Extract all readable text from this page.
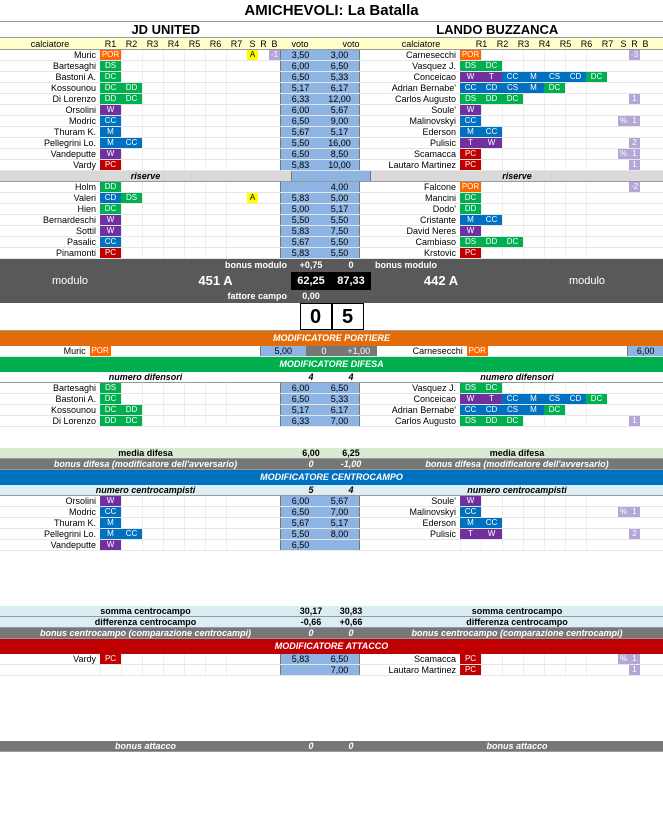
AMICHEVOLI: La Batalla
JD UNITED	LANDO BUZZANCA
calciatore	R1	R2	R3	R4	R5	R6	R7 S R B	voto	voto	calciatore	R1	R2	R3	R4	R5	R6	R7 S R B
Muric POR	A	-1	3,50	3,00	Carnesecchi POR	-3
Bartesaghi	DS	6,00	6,50	Vasquez J.	DS	DC
Bastoni A.	DC	6,50	5,33	Conceicao	W	T	CC	M	CS	CD	DC
Kossounou	DC	DD	5,17	6,17	Adrian Bernabe'	CC	CD	CS	M	DC
Di Lorenzo	DD	DC	6,33	12,00	Carlos Augusto	DS	DD	DC	1
Orsolini	W	6,00	5,67	Soule'	W
Modric	CC	6,50	9,00	Malinovskyi	CC	% 1
Thuram K.	M	5,67	5,17	Ederson	M	CC
Pellegrini Lo.	M	CC	5,50	16,00	Pulisic	T	W	2
Vandeputte	W	6,50	8,50	Scamacca	PC	% 1
Vardy	PC	5,83	10,00	Lautaro Martinez	PC	1
riserve	riserve
Holm	DD	4,00	Falcone POR	-2
Valeri	CD	DS	A	5,83	5,00	Mancini	DC
Hien	DC	5,00	5,17	Dodo'	DD
Bernardeschi	W	5,50	5,50	Cristante	M	CC
Sottil	W	5,83	7,50	David Neres	W
Pasalic	CC	5,67	5,50	Cambiaso	DS	DD	DC
Pinamonti	PC	5,83	5,50	Krstovic	PC
bonus modulo	+0,75	0	bonus modulo
modulo	451 A	62,25	87,33	442 A	modulo
fattore campo	0,00
0	5
MODIFICATORE PORTIERE
Muric POR	5,00	0	+1,00	Carnesecchi POR	6,00
MODIFICATORE DIFESA
numero difensori	4	4	numero difensori
Bartesaghi	DS	6,00	6,50	Vasquez J.	DS	DC
Bastoni A.	DC	6,50	5,33	Conceicao	W	T	CC	M	CS	CD	DC
Kossounou	DC	DD	5,17	6,17	Adrian Bernabe'	CC	CD	CS	M	DC
Di Lorenzo	DD	DC	6,33	7,00	Carlos Augusto	DS	DD	DC	1
media difesa	6,00	6,25	media difesa
bonus difesa (modificatore dell'avversario)	0	-1,00	bonus difesa (modificatore dell'avversario)
MODIFICATORE CENTROCAMPO
numero centrocampisti	5	4	numero centrocampisti
Orsolini	W	6,00	5,67	Soule'	W
Modric	CC	6,50	7,00	Malinovskyi	CC	% 1
Thuram K.	M	5,67	5,17	Ederson	M	CC
Pellegrini Lo.	M	CC	5,50	8,00	Pulisic	T	W	2
Vandeputte	W	6,50
somma centrocampo	30,17	30,83	somma centrocampo
differenza centrocampo	-0,66	+0,66	differenza centrocampo
bonus centrocampo (comparazione centrocampi)	0	0	bonus centrocampo (comparazione centrocampi)
MODIFICATORE ATTACCO
Vardy	PC	5,83	6,50	Scamacca	PC	% 1
7,00	Lautaro Martinez	PC	1
bonus attacco	0	0	bonus attacco
